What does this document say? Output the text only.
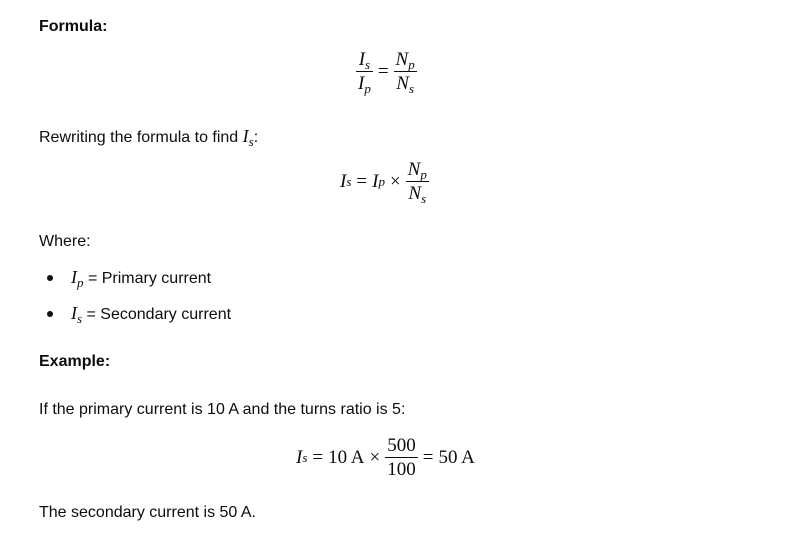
Formula:
$\frac{I_s}{I_p} = \frac{N_p}{N_s}$
Rewriting the formula to find $I_s$:
I s = I $p \times \frac{N_p}{N_s}$
Where:
$I_p$ = Primary current
$I_s$ = Secondary current
Example:
If the primary current is 10 A and the turns ratio is 5:
I s = 10 $A \times \frac{500}{100} = 50$ A
The secondary current is 50 A.
